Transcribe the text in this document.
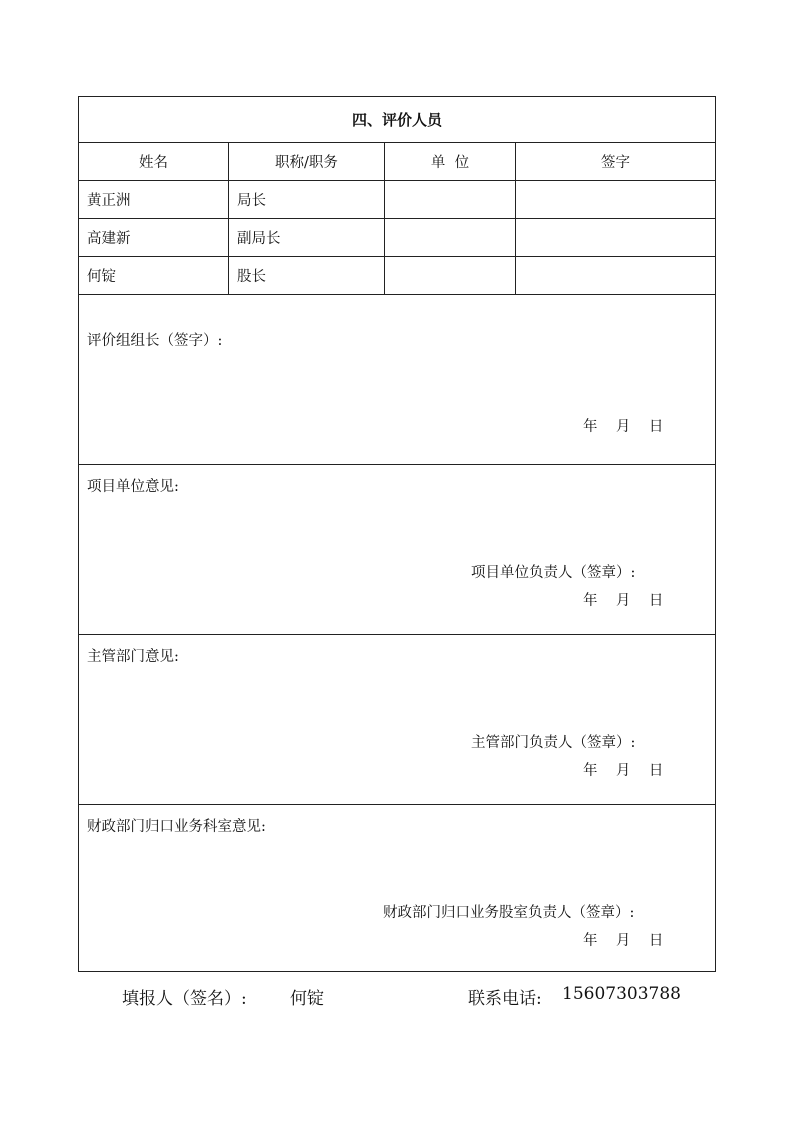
四、评价人员
姓名	职称/职务	单  位	签字
黄正洲	局长
高建新	副局长
何锭	股长
评价组组长（签字）:
年    月    日
项目单位意见:
项目单位负责人（签章）:
年    月    日
主管部门意见:
主管部门负责人（签章）:
年    月    日
财政部门归口业务科室意见:
财政部门归口业务股室负责人（签章）:
年    月    日
填报人（签名）:	何锭	联系电话: 15607303788
